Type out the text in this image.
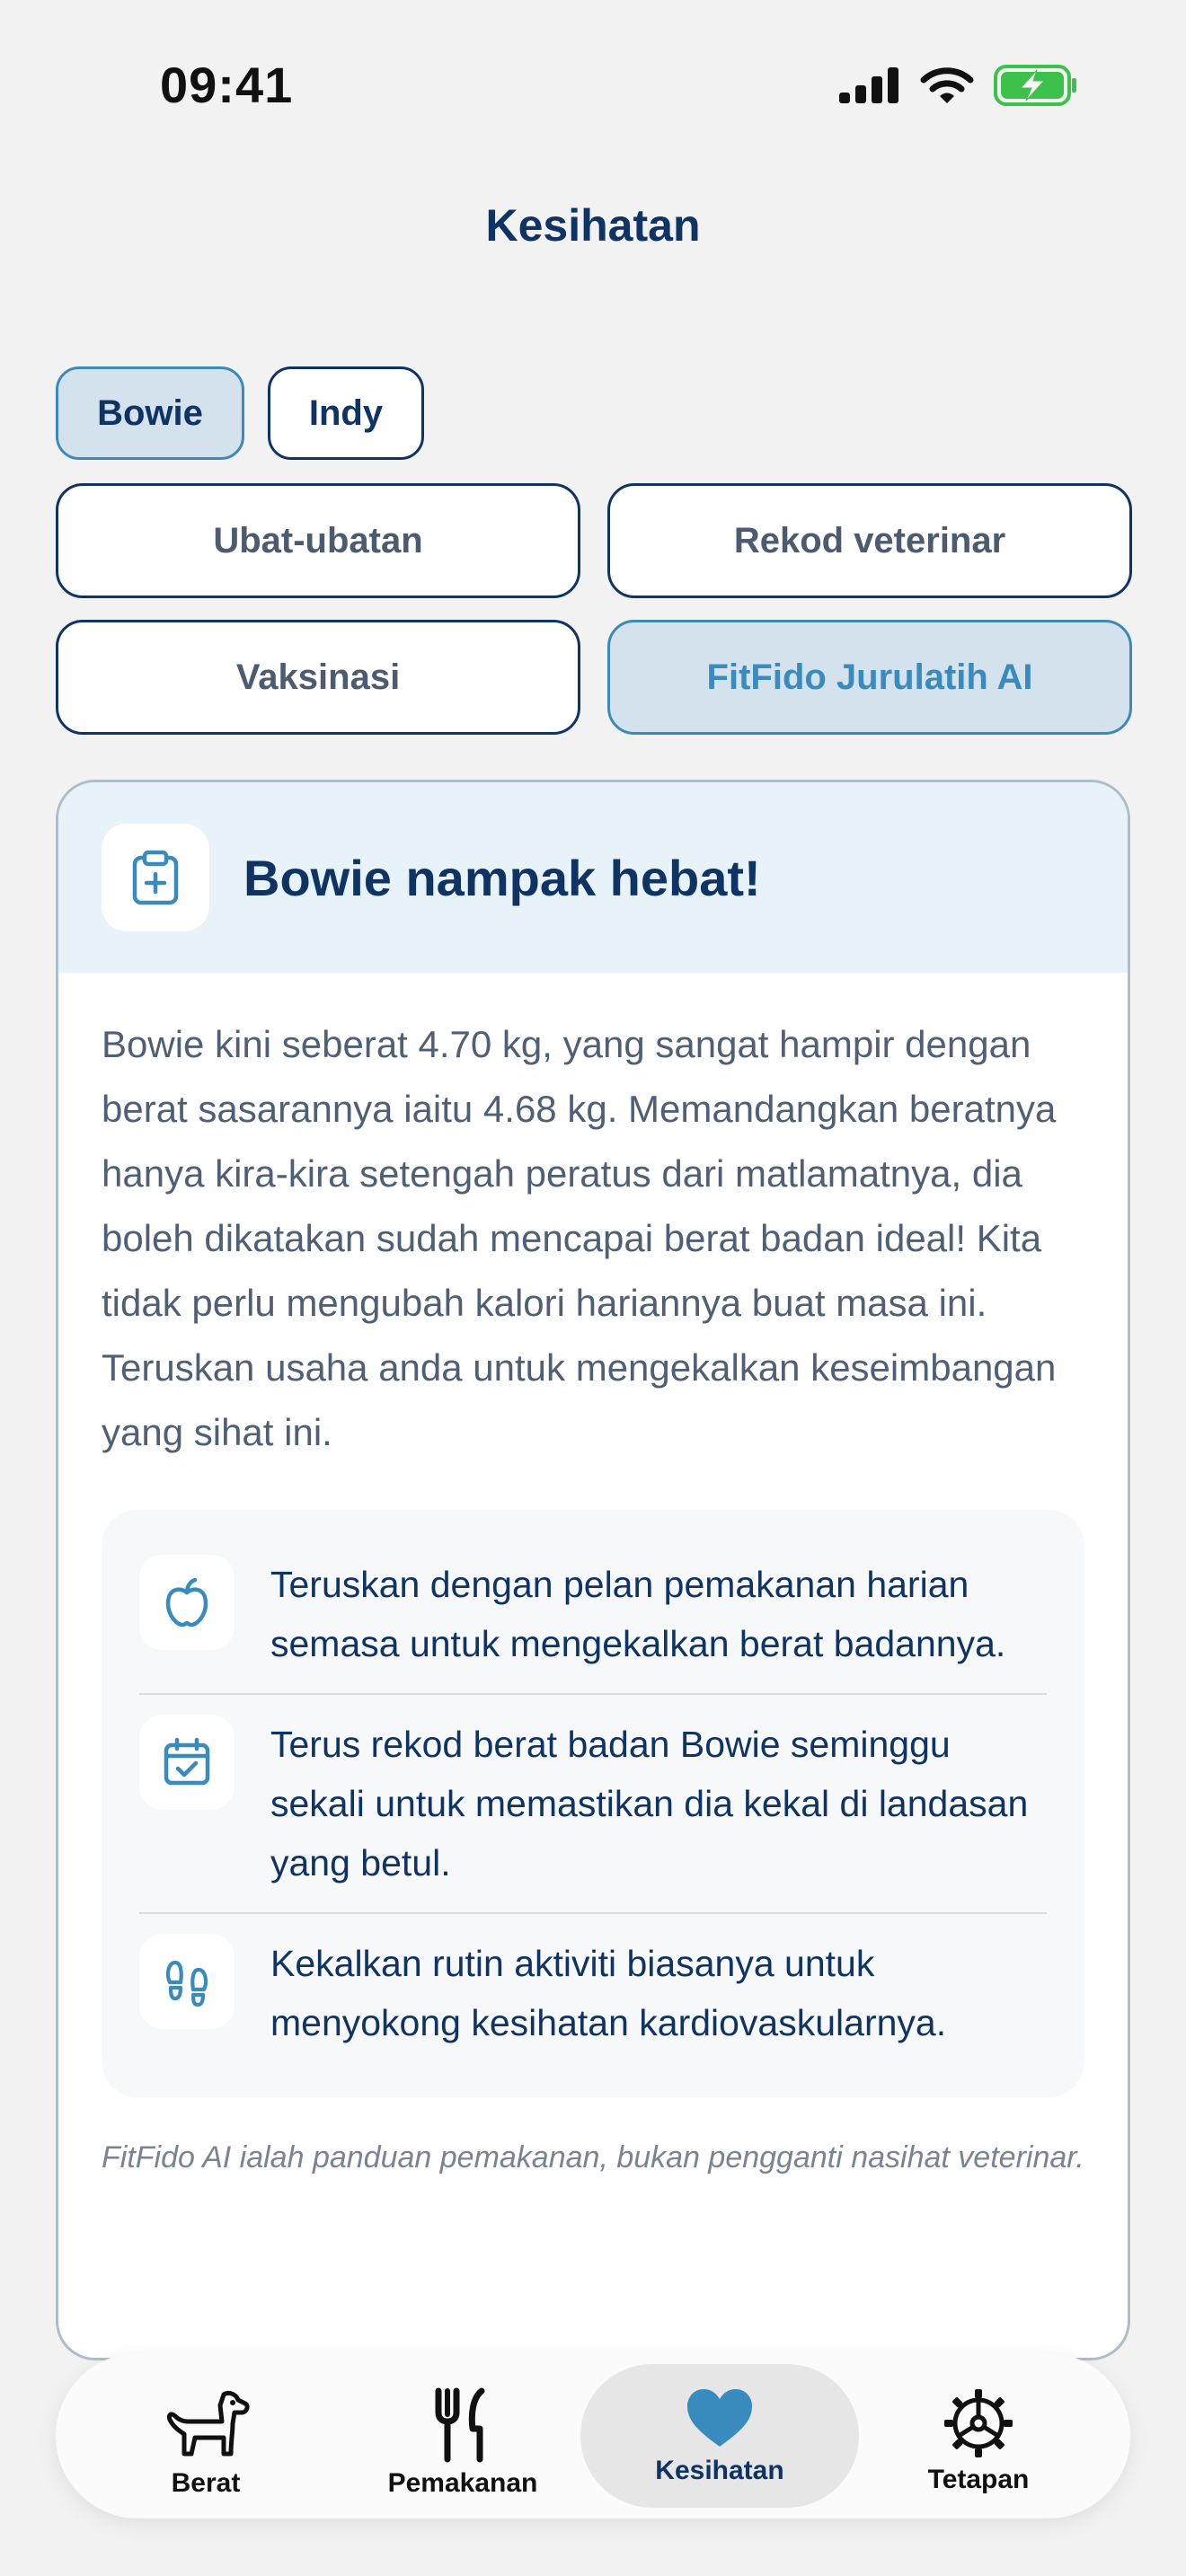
09:41
Kesihatan
Bowie	Indy
Ubat-ubatan	Rekod veterinar
Vaksinasi	FitFido Jurulatih AI
Bowie nampak hebat!
Bowie kini seberat 4.70 kg, yang sangat hampir dengan berat sasarannya iaitu 4.68 kg. Memandangkan beratnya hanya kira-kira setengah peratus dari matlamatnya, dia boleh dikatakan sudah mencapai berat badan ideal! Kita tidak perlu mengubah kalori hariannya buat masa ini. Teruskan usaha anda untuk mengekalkan keseimbangan yang sihat ini.
Teruskan dengan pelan pemakanan harian semasa untuk mengekalkan berat badannya.
Terus rekod berat badan Bowie seminggu sekali untuk memastikan dia kekal di landasan yang betul.
Kekalkan rutin aktiviti biasanya untuk menyokong kesihatan kardiovaskularnya.
FitFido AI ialah panduan pemakanan, bukan pengganti nasihat veterinar.
Berat	Pemakanan	Kesihatan	Tetapan
